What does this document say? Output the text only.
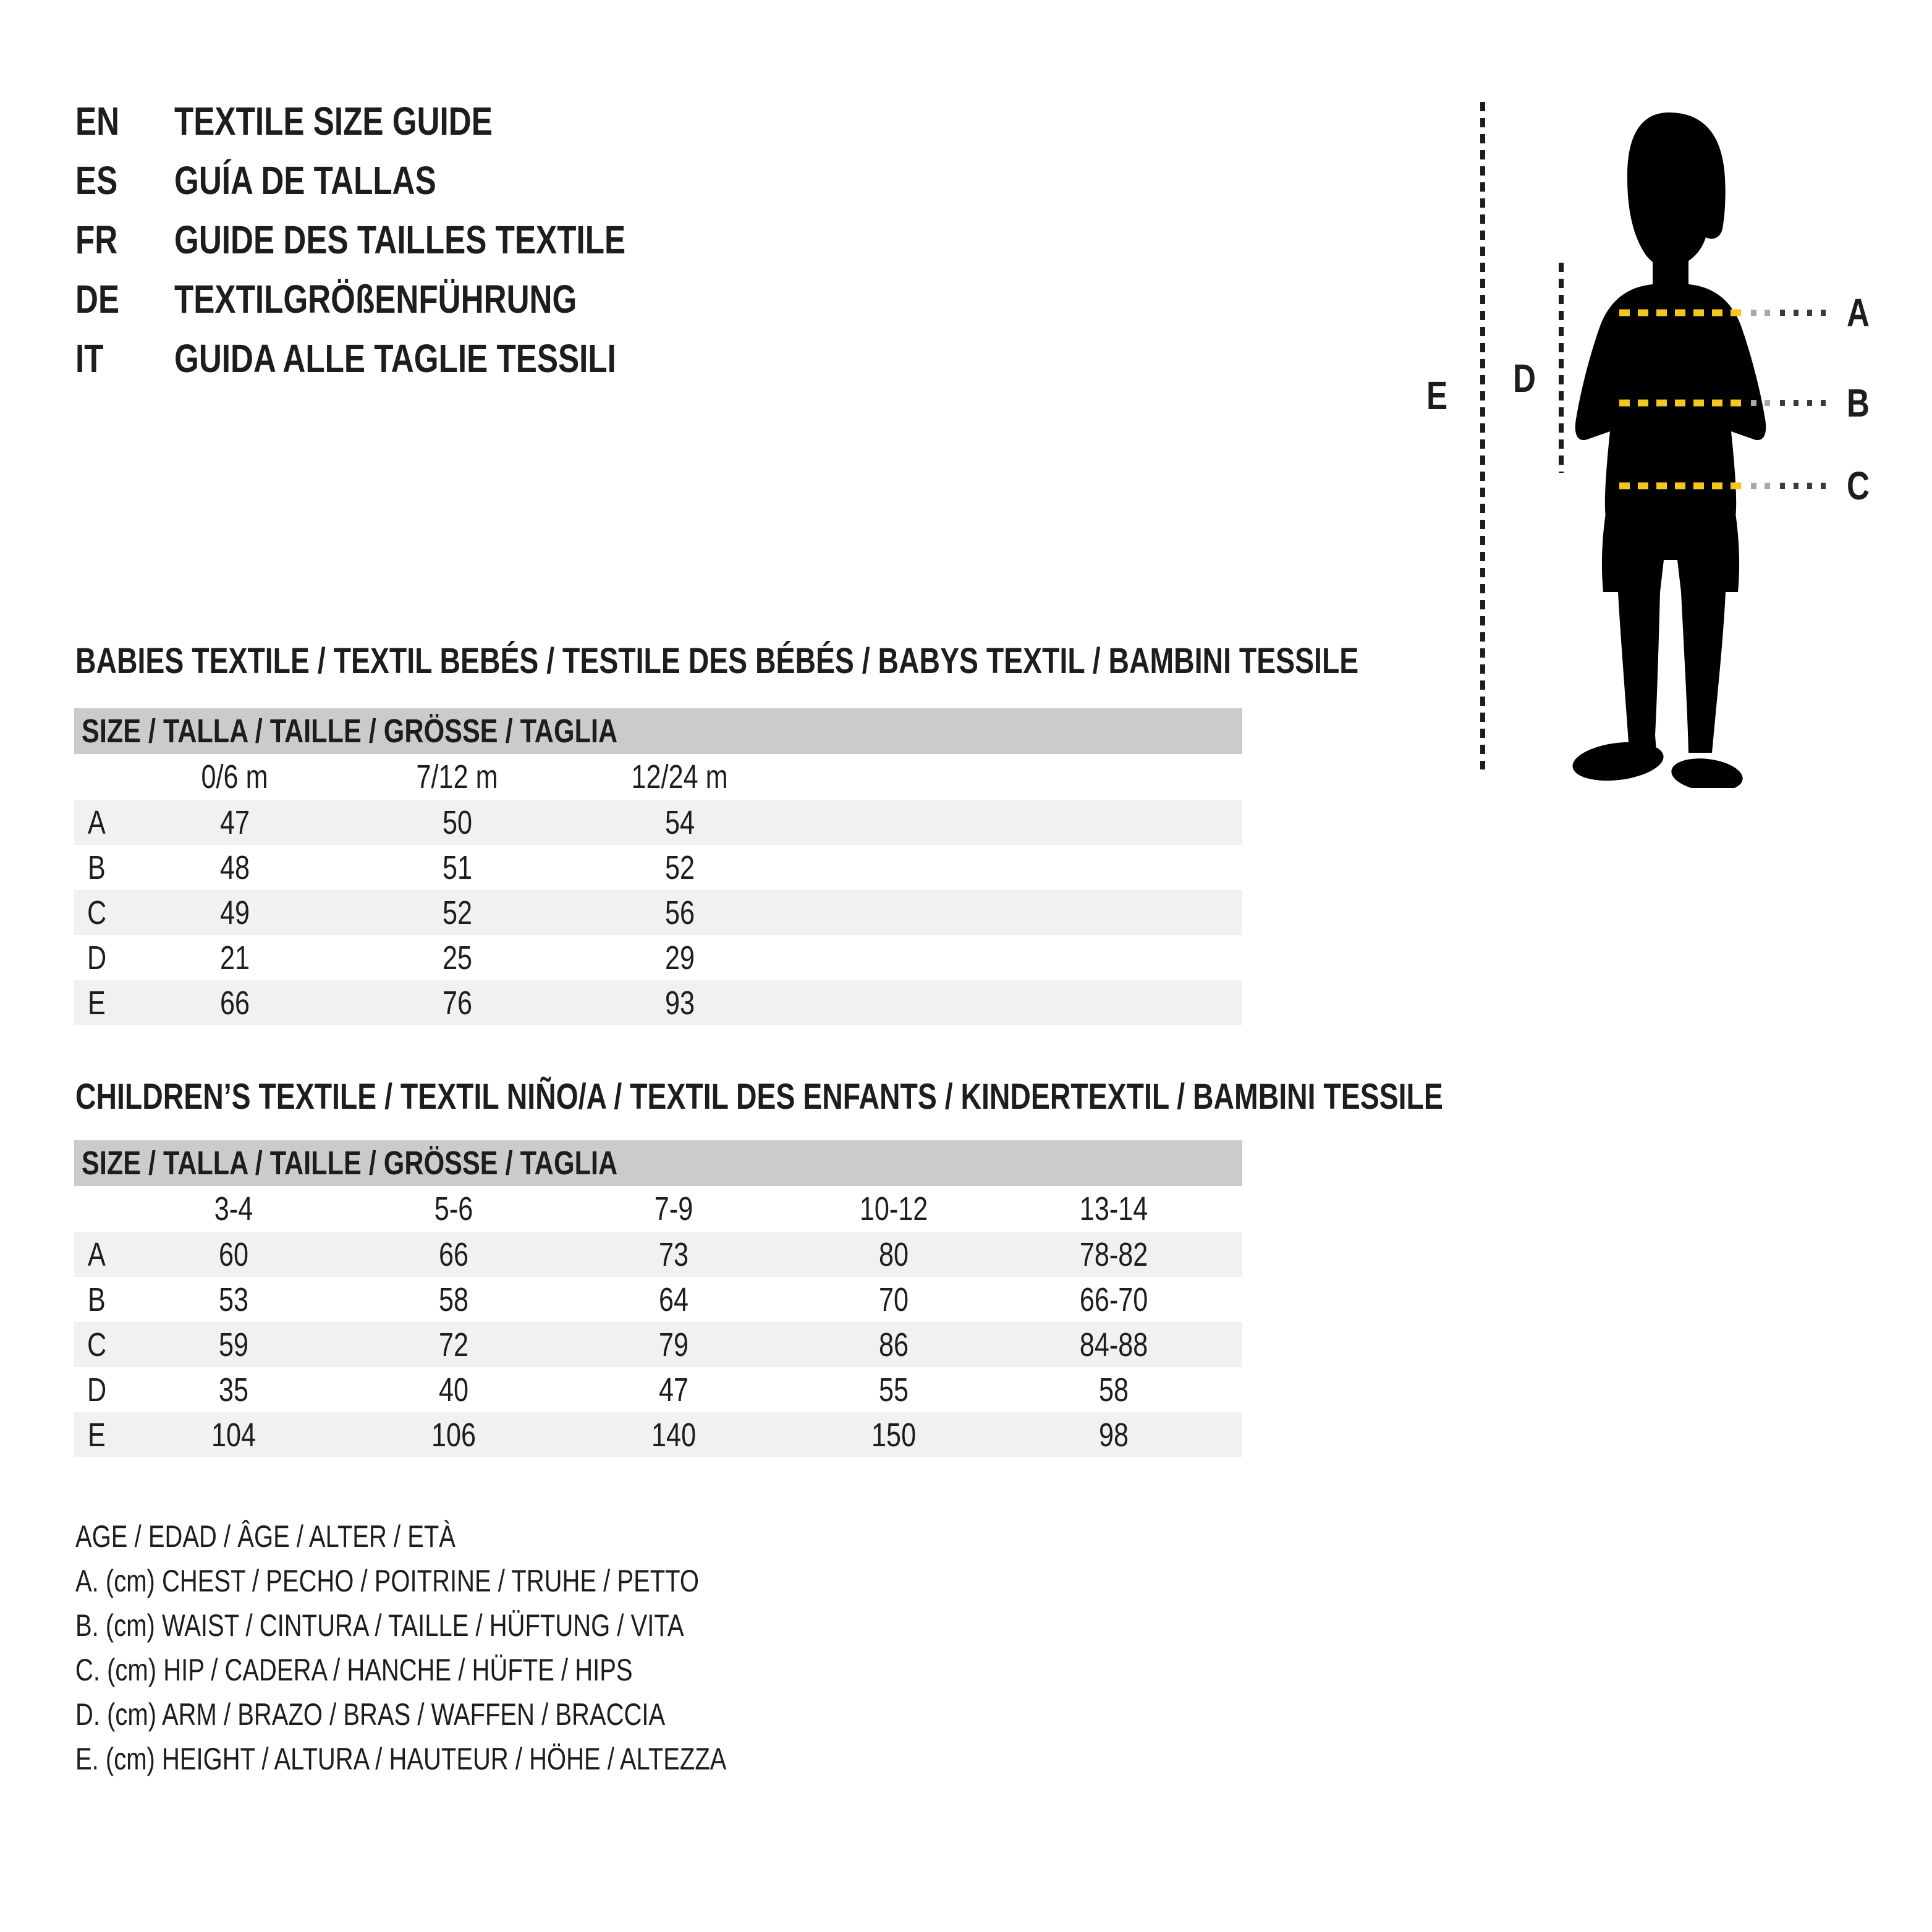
EN TEXTILE SIZE GUIDE
ES GUÍA DE TALLAS
FR GUIDE DES TAILLES TEXTILE
DE TEXTILGRÖßENFÜHRUNG
IT GUIDA ALLE TAGLIE TESSILI
A
B
C
D
E
BABIES TEXTILE / TEXTIL BEBÉS / TESTILE DES BÉBÉS / BABYS TEXTIL / BAMBINI TESSILE
SIZE / TALLA / TAILLE / GRÖSSE / TAGLIA
	0/6 m	7/12 m	12/24 m	
A	47	50	54	
B	48	51	52	
C	49	52	56	
D	21	25	29	
E	66	76	93	
CHILDREN’S TEXTILE / TEXTIL NIÑO/A / TEXTIL DES ENFANTS / KINDERTEXTIL / BAMBINI TESSILE
SIZE / TALLA / TAILLE / GRÖSSE / TAGLIA
	3-4	5-6	7-9	10-12	13-14	
A	60	66	73	80	78-82	
B	53	58	64	70	66-70	
C	59	72	79	86	84-88	
D	35	40	47	55	58	
E	104	106	140	150	98	
AGE / EDAD / ÂGE / ALTER / ETÀ
A. (cm) CHEST / PECHO / POITRINE / TRUHE / PETTO
B. (cm) WAIST / CINTURA / TAILLE / HÜFTUNG / VITA
C. (cm) HIP / CADERA / HANCHE / HÜFTE / HIPS
D. (cm) ARM / BRAZO / BRAS / WAFFEN / BRACCIA
E. (cm) HEIGHT / ALTURA / HAUTEUR / HÖHE / ALTEZZA
